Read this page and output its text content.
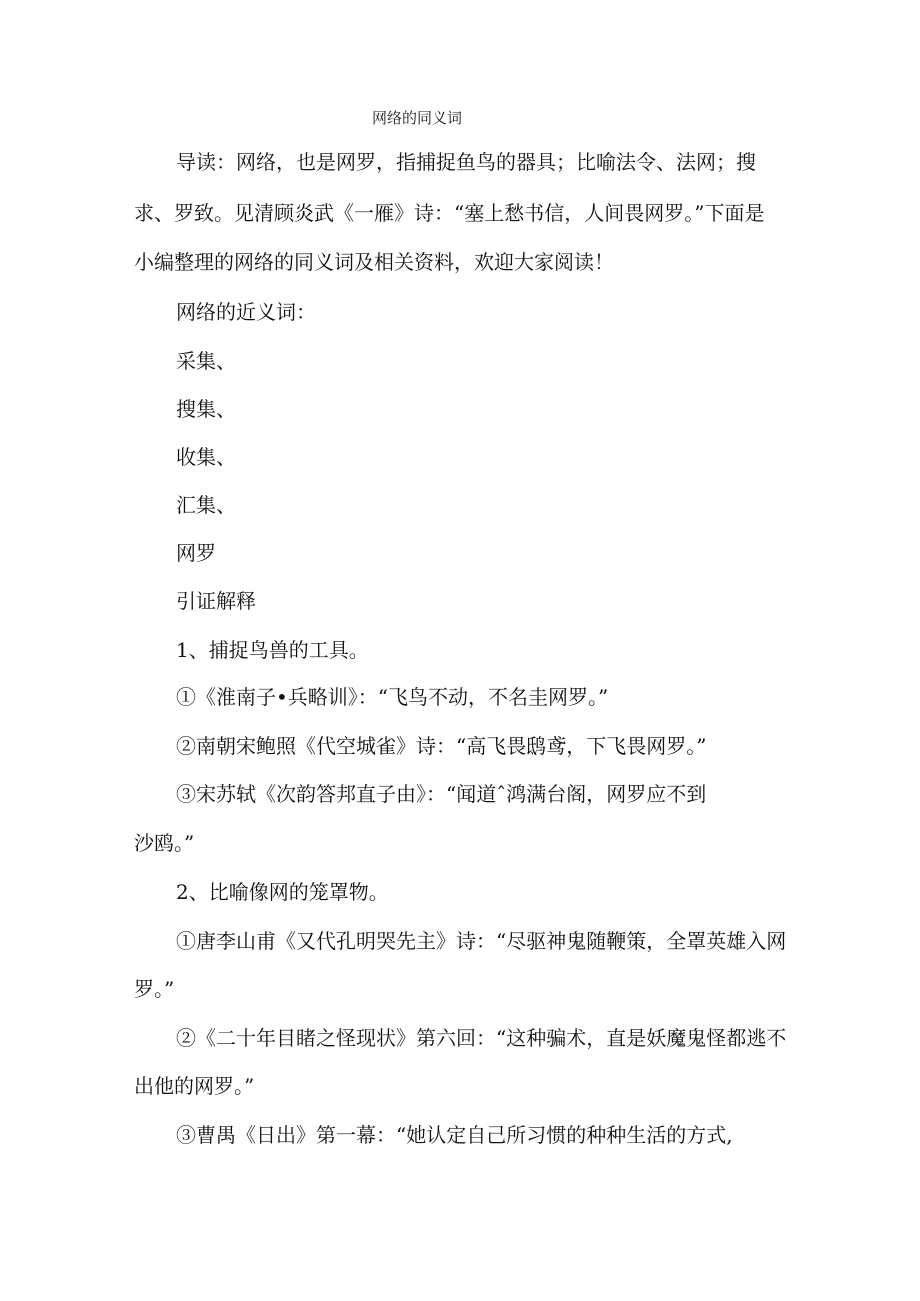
网络的同义词
导读：网络，也是网罗，指捕捉鱼鸟的器具；比喻法令、法网；搜
求、罗致。见清顾炎武《一雁》诗：“塞上愁书信，人间畏网罗。”下面是
小编整理的网络的同义词及相关资料，欢迎大家阅读！
网络的近义词：
采集、
搜集、
收集、
汇集、
网罗
引证解释
1、捕捉鸟兽的工具。
①《淮南子•兵略训》：“飞鸟不动，不名圭网罗。”
②南朝宋鲍照《代空城雀》诗：“高飞畏鸱鸢，下飞畏网罗。”
③宋苏轼《次韵答邦直子由》：“闻道ˆ鸿满台阁，网罗应不到
沙鸥。”
2、比喻像网的笼罩物。
①唐李山甫《又代孔明哭先主》诗：“尽驱神鬼随鞭策，全罩英雄入网
罗。”
②《二十年目睹之怪现状》第六回：“这种骗术，直是妖魔鬼怪都逃不
出他的网罗。”
③曹禺《日出》第一幕：“她认定自己所习惯的种种生活的方式,
